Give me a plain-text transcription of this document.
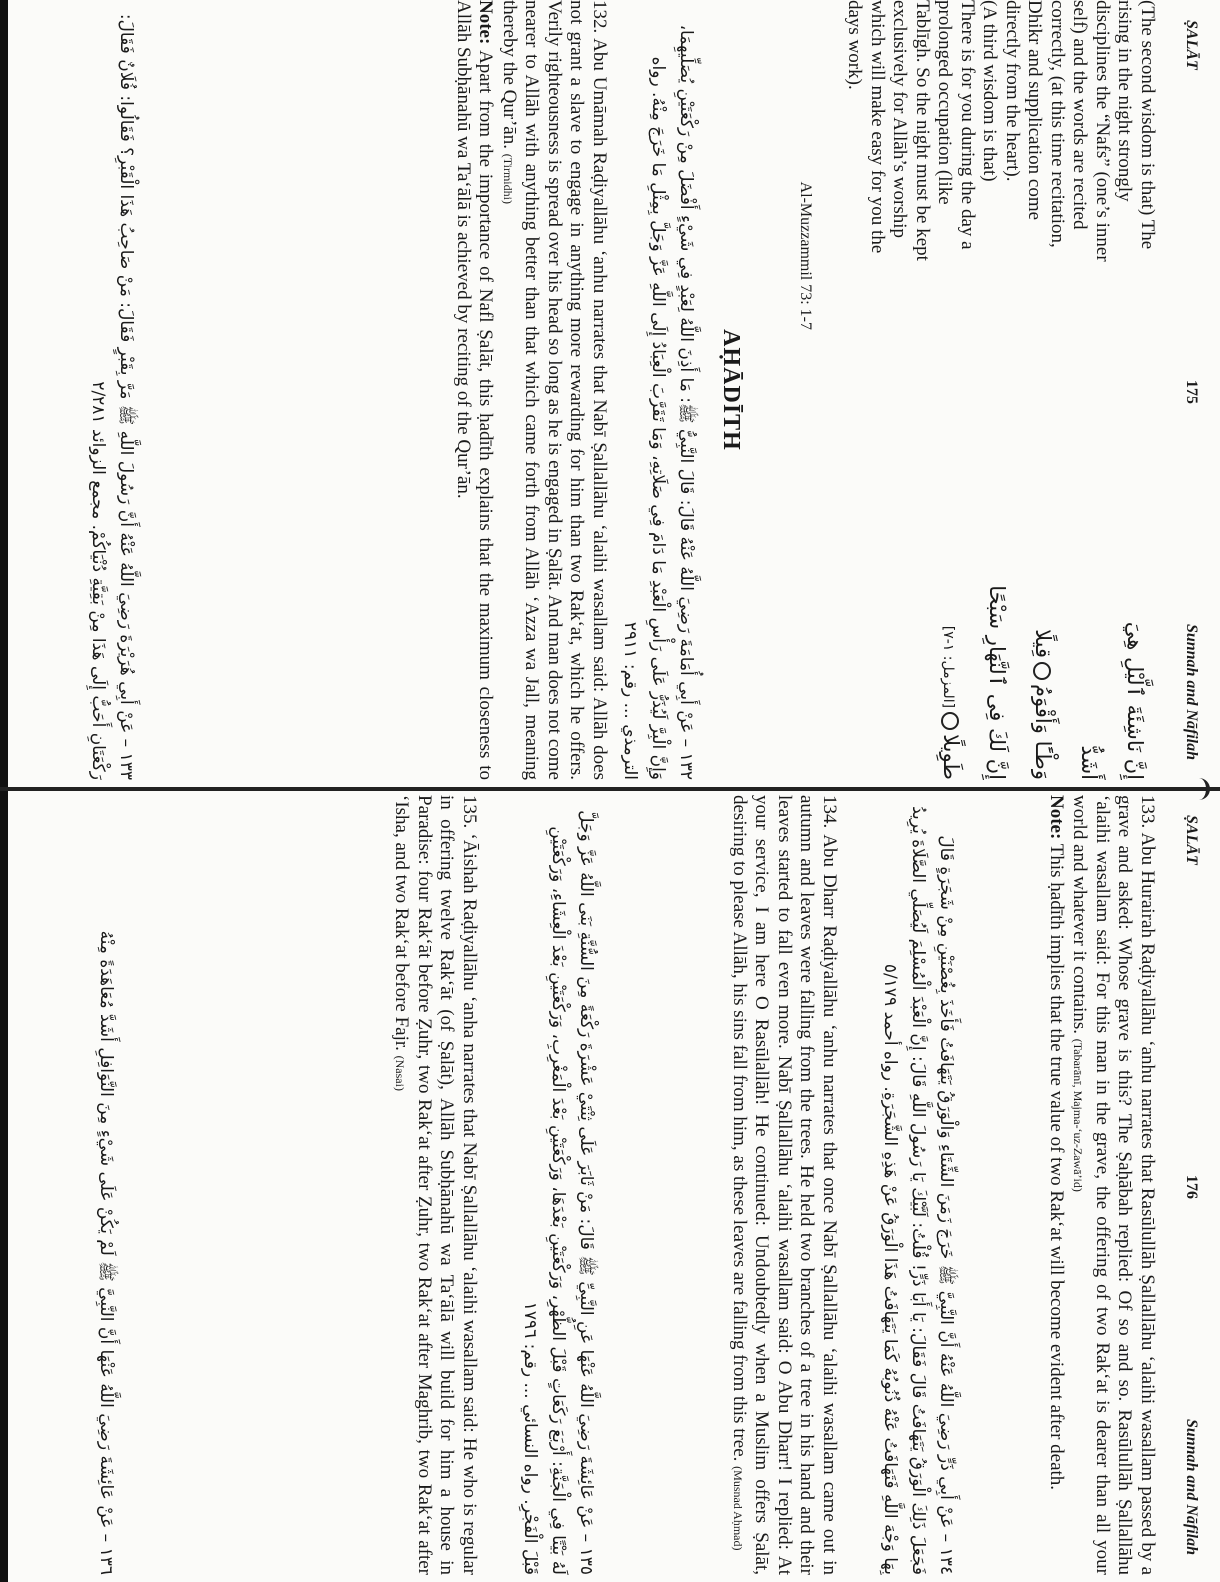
ṢALĀT
175
Sunnah and Nāfilah

(The second wisdom is that) The

rising in the night strongly

disciplines the “Nafs” (one’s inner

self) and the words are recited

correctly, (at this time recitation,

Dhikr and supplication come

directly from the heart).

(A third wisdom is that)

There is for you during the day a

prolonged occupation (like

Tablīgh. So the night must be kept

exclusively for Allāh’s worship

which will make easy for you the

days work).

إِنَّ نَاشِئَةَ ٱلَّيْلِ هِيَ

أَشَدُّ

وَطْـًٔا وَأَقْوَمُقِيلًا

إِنَّ لَكَ فِى ٱلنَّهَارِ سَبْحًا

طَوِيلًا[المزمل: ١-٧]

Al-Muzzammil 73: 1-7
AḤĀDĪTH
١٣٢ – عَنْ أَبِي أُمَامَةَ رَضِيَ اللَّهُ عَنْهُ قَالَ: قَالَ النَّبِيُّ ﷺ: مَا أَذِنَ اللَّهُ لِعَبْدٍ فِي شَيْءٍ أَفْضَلَ مِنْ رَكْعَتَيْنِ يُصَلِّيهِمَا، وَإِنَّ الْبِرَّ لَيُذَرُّ عَلَى رَأْسِ الْعَبْدِ مَا دَامَ فِي صَلَاتِهِ، وَمَا تَقَرَّبَ الْعِبَادُ إِلَى اللَّهِ عَزَّ وَجَلَّ بِمِثْلِ مَا خَرَجَ مِنْهُ. رواه الترمذي ... رقم: ٢٩١١

132. Abu Umāmah Raḍiyallāhu ‘anhu narrates that Nabī Ṣallallāhu ‘alaihi wasallam said: Allāh does not grant a slave to engage in anything more rewarding for him than two Rak‘at, which he offers. Verily righteousness is spread over his head so long as he is engaged in Ṣalāt. And man does not come nearer to Allāh with anything better than that which came forth from Allāh ‘Azza wa Jall, meaning thereby the Qur’ān. (Tirmidhi)

Note: Apart from the importance of Nafl Ṣalāt, this ḥadīth explains that the maximum closeness to Allāh Subḥānahū wa Ta‘ālā is achieved by reciting of the Qur’ān.

١٣٣ – عَنْ أَبِي هُرَيْرَةَ رَضِيَ اللَّهُ عَنْهُ أَنَّ رَسُولَ اللَّهِ ﷺ مَرَّ بِقَبْرٍ فَقَالَ: مَنْ صَاحِبُ هَذَا الْقَبْرِ؟ فَقَالُوا: فُلَانٌ فَقَالَ: رَكْعَتَانِ أَحَبُّ إِلَى هَذَا مِنْ بَقِيَّةِ دُنْيَاكُمْ. مجمع الزوائد ٢/٢٨١
ṢALĀT
176
Sunnah and Nāfilah

133. Abu Hurairah Raḍiyallāhu ‘anhu narrates that Rasūlullāh Ṣallallāhu ‘alaihi wasallam passed by a grave and asked: Whose grave is this? The Ṣaḥābah replied: Of so and so. Rasūlullāh Ṣallallāhu ‘alaihi wasallam said: For this man in the grave, the offering of two Rak‘at is dearer than all your world and whatever it contains. (Tabarānī, Majma-‘uz-Zawā’id)

Note: This ḥadīth implies that the true value of two Rak‘at will become evident after death.

١٣٤ – عَنْ أَبِي ذَرٍّ رَضِيَ اللَّهُ عَنْهُ أَنَّ النَّبِيَّ ﷺ خَرَجَ زَمَنَ الشِّتَاءِ وَالْوَرَقُ يَتَهَافَتُ فَأَخَذَ بِغُصْنَيْنِ مِنْ شَجَرَةٍ قَالَ فَجَعَلَ ذَلِكَ الْوَرَقُ يَتَهَافَتُ قَالَ فَقَالَ: يَا أَبَا ذَرٍّ! قُلْتُ: لَبَّيْكَ يَا رَسُولَ اللَّهِ قَالَ: إِنَّ الْعَبْدَ الْمُسْلِمَ لَيُصَلِّي الصَّلَاةَ يُرِيدُ بِهَا وَجْهَ اللَّهِ فَتَهَافَتُ عَنْهُ ذُنُوبُهُ كَمَا يَتَهَافَتُ هَذَا الْوَرَقُ عَنْ هَذِهِ الشَّجَرَةِ. رواه أحمد ٥/١٧٩

134. Abu Dharr Raḍiyallāhu ‘anhu narrates that once Nabī Ṣallallāhu ‘alaihi wasallam came out in autumn and leaves were falling from the trees. He held two branches of a tree in his hand and their leaves started to fall even more. Nabī Ṣallallāhu ‘alaihi wasallam said: O Abu Dharr! I replied: At your service, I am here O Rasūlallāh! He continued: Undoubtedly when a Muslim offers Ṣalāt, desiring to please Allāh, his sins fall from him, as these leaves are falling from this tree. (Musnad Aḥmad)

١٣٥ – عَنْ عَائِشَةَ رَضِيَ اللَّهُ عَنْهَا عَنِ النَّبِيِّ ﷺ قَالَ: مَنْ ثَابَرَ عَلَى ثِنْتَيْ عَشْرَةَ رَكْعَةً مِنَ السُّنَّةِ بَنَى اللَّهُ عَزَّ وَجَلَّ لَهُ بَيْتًا فِي الْجَنَّةِ: أَرْبَعَ رَكَعَاتٍ قَبْلَ الظُّهْرِ، وَرَكْعَتَيْنِ بَعْدَهَا، وَرَكْعَتَيْنِ بَعْدَ الْمَغْرِبِ، وَرَكْعَتَيْنِ بَعْدَ الْعِشَاءِ، وَرَكْعَتَيْنِ قَبْلَ الْفَجْرِ. رواه النسائي ... رقم: ١٧٩٦

135. ‘Āishah Raḍiyallāhu ‘anha narrates that Nabī Ṣallallāhu ‘alaihi wasallam said: He who is regular in offering twelve Rak‘āt (of Ṣalāt), Allāh Subḥānahū wa Ta‘ālā will build for him a house in Paradise: four Rak‘āt before Ẓuhr, two Rak‘at after Ẓuhr, two Rak‘at after Maghrib, two Rak‘at after ‘Isha, and two Rak‘at before Fajr. (Nasai)

١٣٦ – عَنْ عَائِشَةَ رَضِيَ اللَّهُ عَنْهَا أَنَّ النَّبِيَّ ﷺ لَمْ يَكُنْ عَلَى شَيْءٍ مِنَ النَّوَافِلِ أَشَدَّ مُعَاهَدَةً مِنْهُ
